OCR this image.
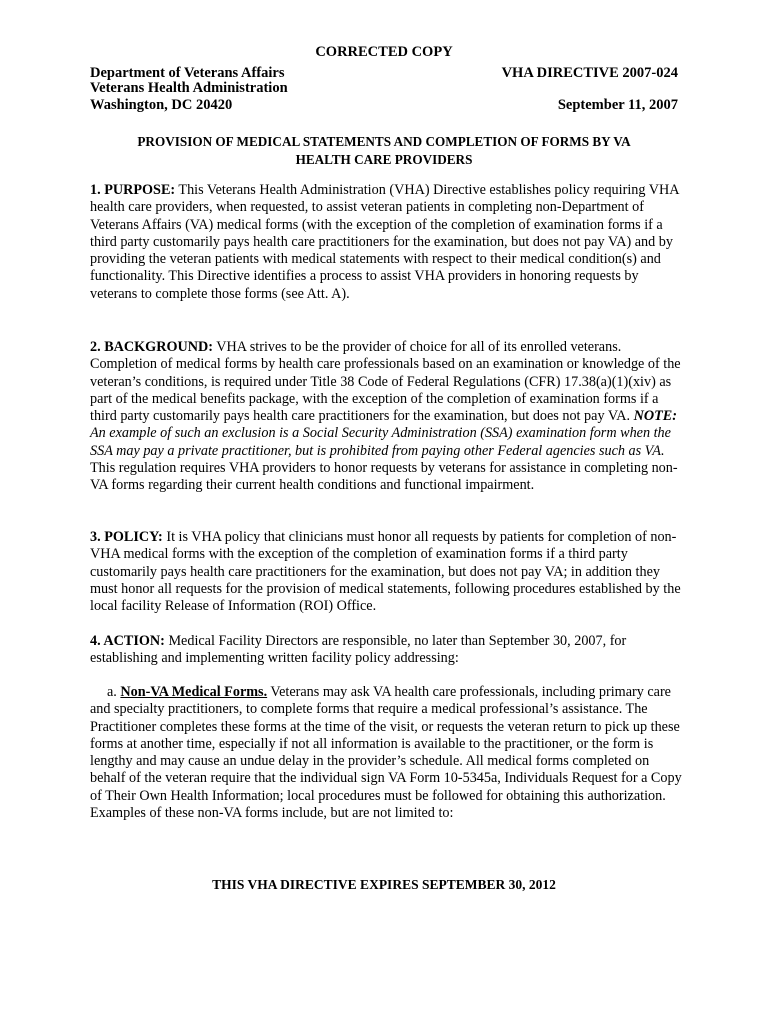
CORRECTED COPY
Department of Veterans Affairs	VHA DIRECTIVE 2007-024
Veterans Health Administration
Washington, DC 20420	September 11, 2007
PROVISION OF MEDICAL STATEMENTS AND COMPLETION OF FORMS BY VA
HEALTH CARE PROVIDERS
1. PURPOSE: This Veterans Health Administration (VHA) Directive establishes policy requiring VHA health care providers, when requested, to assist veteran patients in completing non-Department of Veterans Affairs (VA) medical forms (with the exception of the completion of examination forms if a third party customarily pays health care practitioners for the examination, but does not pay VA) and by providing the veteran patients with medical statements with respect to their medical condition(s) and functionality. This Directive identifies a process to assist VHA providers in honoring requests by veterans to complete those forms (see Att. A).
2. BACKGROUND: VHA strives to be the provider of choice for all of its enrolled veterans. Completion of medical forms by health care professionals based on an examination or knowledge of the veteran’s conditions, is required under Title 38 Code of Federal Regulations (CFR) 17.38(a)(1)(xiv) as part of the medical benefits package, with the exception of the completion of examination forms if a third party customarily pays health care practitioners for the examination, but does not pay VA. NOTE: An example of such an exclusion is a Social Security Administration (SSA) examination form when the SSA may pay a private practitioner, but is prohibited from paying other Federal agencies such as VA. This regulation requires VHA providers to honor requests by veterans for assistance in completing non-VA forms regarding their current health conditions and functional impairment.
3. POLICY: It is VHA policy that clinicians must honor all requests by patients for completion of non-VHA medical forms with the exception of the completion of examination forms if a third party customarily pays health care practitioners for the examination, but does not pay VA; in addition they must honor all requests for the provision of medical statements, following procedures established by the local facility Release of Information (ROI) Office.
4. ACTION: Medical Facility Directors are responsible, no later than September 30, 2007, for establishing and implementing written facility policy addressing:
a. Non-VA Medical Forms. Veterans may ask VA health care professionals, including primary care and specialty practitioners, to complete forms that require a medical professional’s assistance. The Practitioner completes these forms at the time of the visit, or requests the veteran return to pick up these forms at another time, especially if not all information is available to the practitioner, or the form is lengthy and may cause an undue delay in the provider’s schedule. All medical forms completed on behalf of the veteran require that the individual sign VA Form 10-5345a, Individuals Request for a Copy of Their Own Health Information; local procedures must be followed for obtaining this authorization. Examples of these non-VA forms include, but are not limited to:
THIS VHA DIRECTIVE EXPIRES SEPTEMBER 30, 2012
